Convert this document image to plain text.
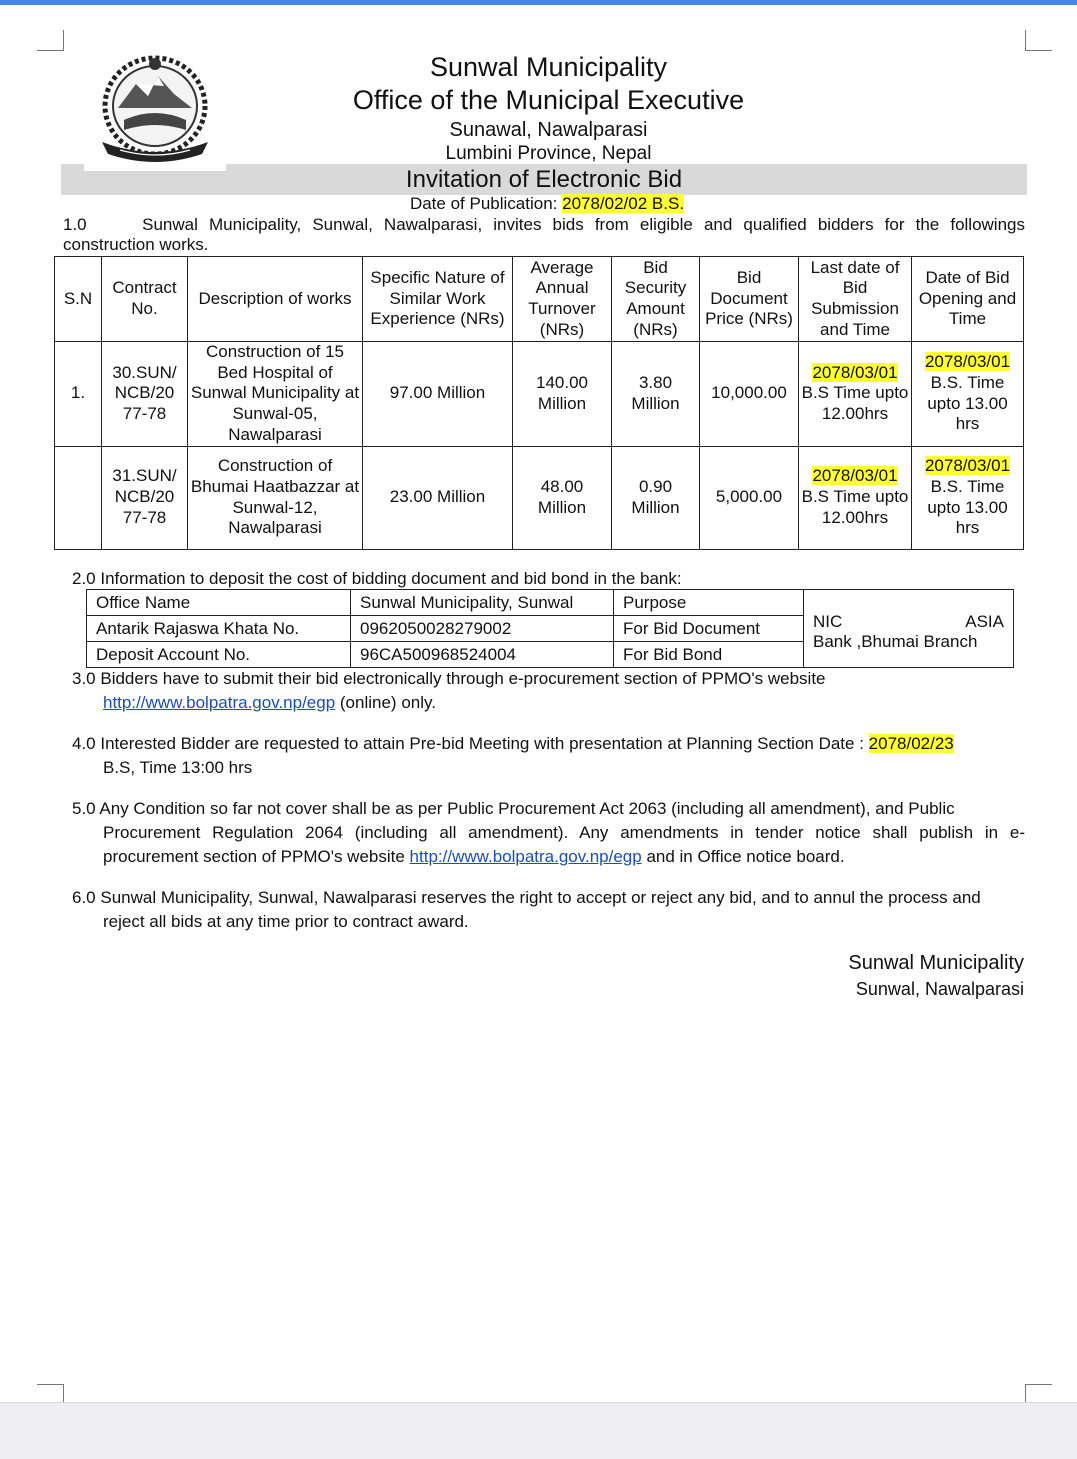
Sunwal Municipality
Office of the Municipal Executive
Sunawal, Nawalparasi
Lumbini Province, Nepal
Invitation of Electronic Bid
Date of Publication: 2078/02/02 B.S.
1.0	Sunwal Municipality, Sunwal, Nawalparasi, invites bids from eligible and qualified bidders for the followings
construction works.
S.N	Contract No.	Description of works	Specific Nature of Similar Work Experience (NRs)	Average Annual Turnover (NRs)	Bid Security Amount (NRs)	Bid Document Price (NRs)	Last date of Bid Submission and Time	Date of Bid Opening and Time
1.	30.SUN/ NCB/20 77-78	Construction of 15 Bed Hospital of Sunwal Municipality at Sunwal-05, Nawalparasi	97.00 Million	140.00 Million	3.80 Million	10,000.00	2078/03/01
B.S Time upto 12.00hrs	2078/03/01
B.S. Time upto 13.00 hrs
	31.SUN/ NCB/20 77-78	Construction of Bhumai Haatbazzar at Sunwal-12, Nawalparasi	23.00 Million	48.00 Million	0.90 Million	5,000.00	2078/03/01
B.S Time upto 12.00hrs	2078/03/01
B.S. Time upto 13.00 hrs
2.0 Information to deposit the cost of bidding document and bid bond in the bank:
Office Name	Sunwal Municipality, Sunwal	Purpose	NIC ASIA
Bank ,Bhumai Branch

Antarik Rajaswa Khata No.	0962050028279002	For Bid Document	
Deposit Account No.	96CA500968524004	For Bid Bond	
3.0 Bidders have to submit their bid electronically through e-procurement section of PPMO's website
http://www.bolpatra.gov.np/egp (online) only.
4.0 Interested Bidder are requested to attain Pre-bid Meeting with presentation at Planning Section Date : 2078/02/23
B.S, Time 13:00 hrs
5.0 Any Condition so far not cover shall be as per Public Procurement Act 2063 (including all amendment), and Public
Procurement Regulation 2064 (including all amendment). Any amendments in tender notice shall publish in e-
procurement section of PPMO's website http://www.bolpatra.gov.np/egp and in Office notice board.
6.0 Sunwal Municipality, Sunwal, Nawalparasi reserves the right to accept or reject any bid, and to annul the process and
reject all bids at any time prior to contract award.
Sunwal Municipality
Sunwal, Nawalparasi
